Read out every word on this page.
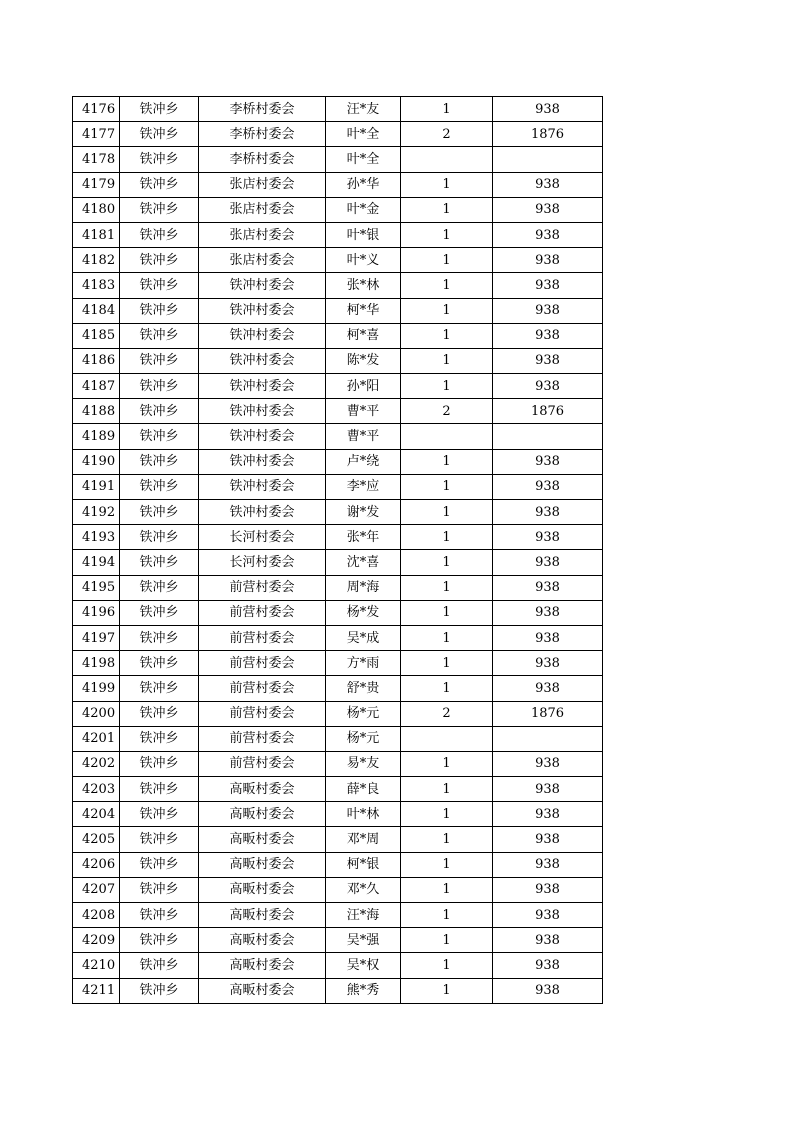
4176	铁冲乡	李桥村委会	汪*友	1	938
4177	铁冲乡	李桥村委会	叶*全	2	1876
4178	铁冲乡	李桥村委会	叶*全		
4179	铁冲乡	张店村委会	孙*华	1	938
4180	铁冲乡	张店村委会	叶*金	1	938
4181	铁冲乡	张店村委会	叶*银	1	938
4182	铁冲乡	张店村委会	叶*义	1	938
4183	铁冲乡	铁冲村委会	张*林	1	938
4184	铁冲乡	铁冲村委会	柯*华	1	938
4185	铁冲乡	铁冲村委会	柯*喜	1	938
4186	铁冲乡	铁冲村委会	陈*发	1	938
4187	铁冲乡	铁冲村委会	孙*阳	1	938
4188	铁冲乡	铁冲村委会	曹*平	2	1876
4189	铁冲乡	铁冲村委会	曹*平		
4190	铁冲乡	铁冲村委会	卢*绕	1	938
4191	铁冲乡	铁冲村委会	李*应	1	938
4192	铁冲乡	铁冲村委会	谢*发	1	938
4193	铁冲乡	长河村委会	张*年	1	938
4194	铁冲乡	长河村委会	沈*喜	1	938
4195	铁冲乡	前营村委会	周*海	1	938
4196	铁冲乡	前营村委会	杨*发	1	938
4197	铁冲乡	前营村委会	吴*成	1	938
4198	铁冲乡	前营村委会	方*雨	1	938
4199	铁冲乡	前营村委会	舒*贵	1	938
4200	铁冲乡	前营村委会	杨*元	2	1876
4201	铁冲乡	前营村委会	杨*元		
4202	铁冲乡	前营村委会	易*友	1	938
4203	铁冲乡	高畈村委会	薛*良	1	938
4204	铁冲乡	高畈村委会	叶*林	1	938
4205	铁冲乡	高畈村委会	邓*周	1	938
4206	铁冲乡	高畈村委会	柯*银	1	938
4207	铁冲乡	高畈村委会	邓*久	1	938
4208	铁冲乡	高畈村委会	汪*海	1	938
4209	铁冲乡	高畈村委会	吴*强	1	938
4210	铁冲乡	高畈村委会	吴*权	1	938
4211	铁冲乡	高畈村委会	熊*秀	1	938
